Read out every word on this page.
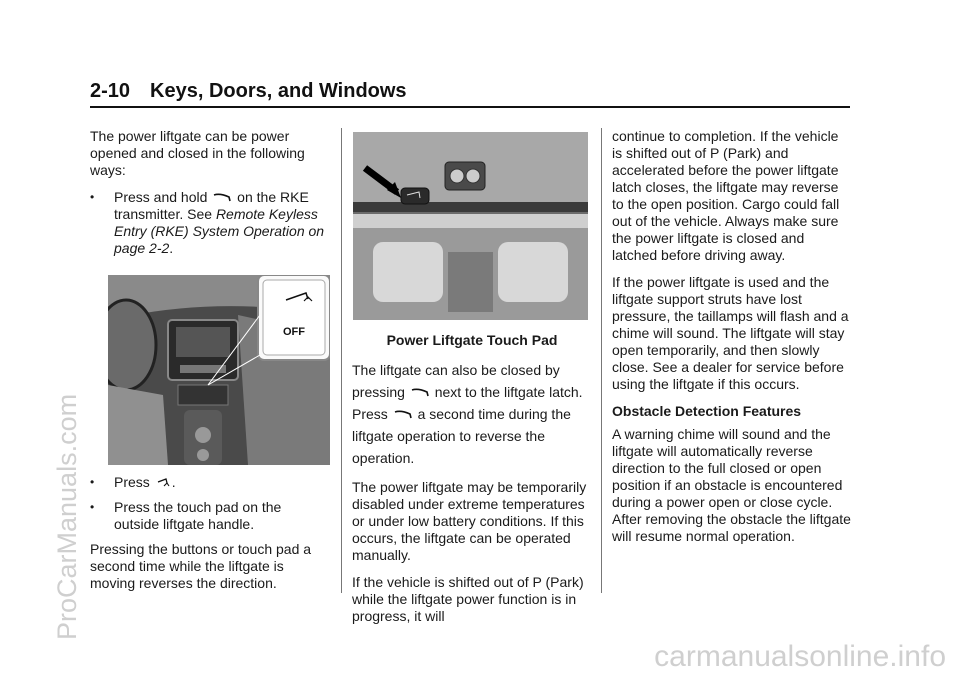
2-10 Keys, Doors, and Windows
ProCarManuals.com
carmanualsonline.info

The power liftgate can be power opened and closed in the following ways:

•	Press and hold  on the RKE transmitter. See Remote Keyless Entry (RKE) System Operation on page 2-2.
OFF
•	Press .
•	Press the touch pad on the outside liftgate handle.

Pressing the buttons or touch pad a second time while the liftgate is moving reverses the direction.

Power Liftgate Touch Pad

The liftgate can also be closed by pressing  next to the liftgate latch. Press  a second time during the liftgate operation to reverse the operation.

The power liftgate may be temporarily disabled under extreme temperatures or under low battery conditions. If this occurs, the liftgate can be operated manually.

If the vehicle is shifted out of P (Park) while the liftgate power function is in progress, it will

continue to completion. If the vehicle is shifted out of P (Park) and accelerated before the power liftgate latch closes, the liftgate may reverse to the open position. Cargo could fall out of the vehicle. Always make sure the power liftgate is closed and latched before driving away.

If the power liftgate is used and the liftgate support struts have lost pressure, the taillamps will flash and a chime will sound. The liftgate will stay open temporarily, and then slowly close. See a dealer for service before using the liftgate if this occurs.

Obstacle Detection Features

A warning chime will sound and the liftgate will automatically reverse direction to the full closed or open position if an obstacle is encountered during a power open or close cycle. After removing the obstacle the liftgate will resume normal operation.
